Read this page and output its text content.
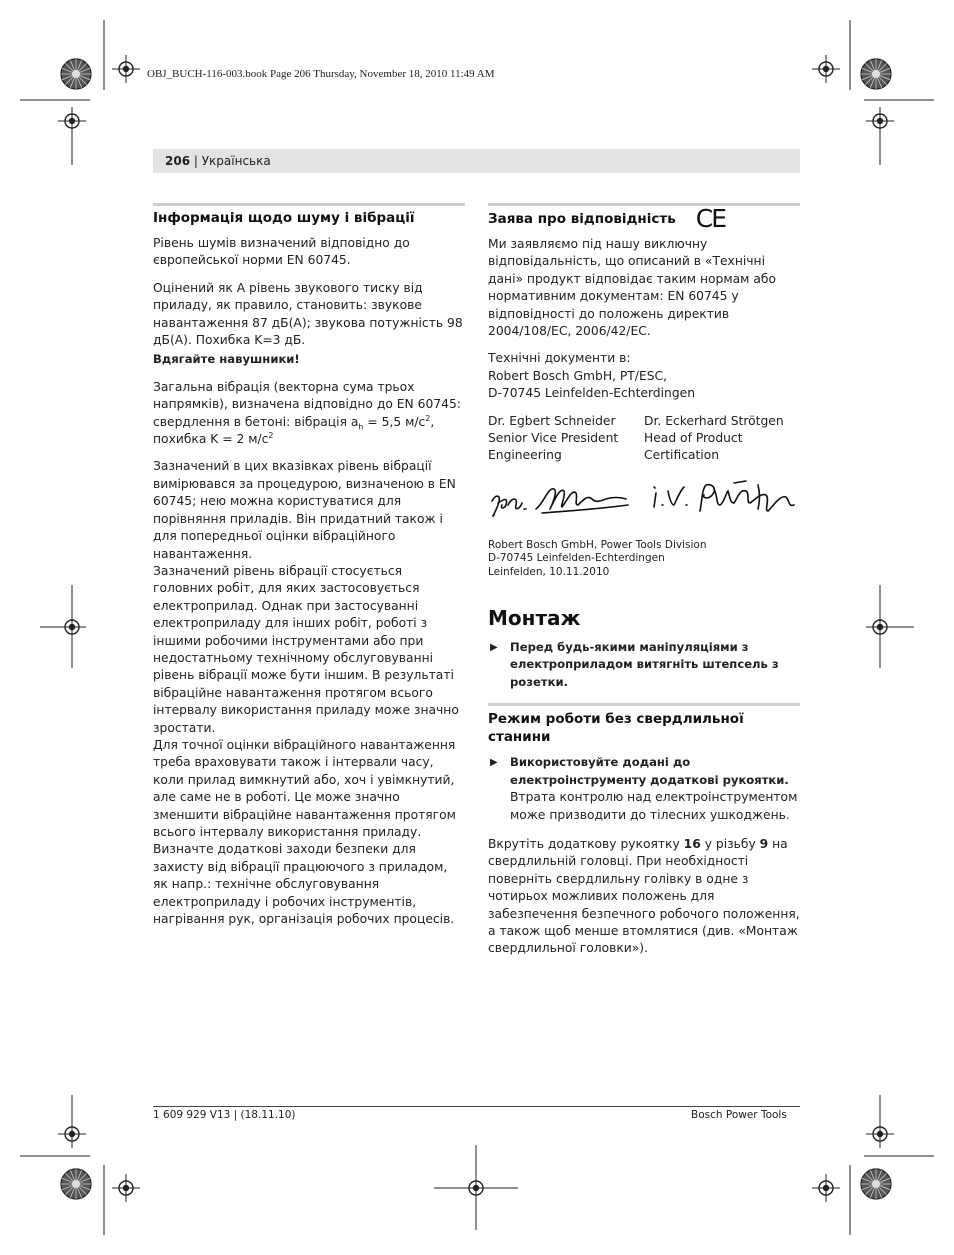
OBJ_BUCH-116-003.book Page 206 Thursday, November 18, 2010 11:49 AM
206 | Українська
Інформація щодо шуму і вібрації

Рівень шумів визначений відповідно до європейської норми EN 60745.

Оцінений як А рівень звукового тиску від приладу, як правило, становить: звукове навантаження 87 дБ(A); звукова потужність 98 дБ(A). Похибка K=3 дБ.

Вдягайте навушники!

Загальна вібрація (векторна сума трьох напрямків), визначена відповідно до EN 60745:
свердлення в бетоні: вібрація $a_h = 5,5$ $м/с^2$,
похибка K = 2 $м/с^2$

Зазначений в цих вказівках рівень вібрації вимірювався за процедурою, визначеною в EN 60745; нею можна користуватися для порівняння приладів. Він придатний також і для попередньої оцінки вібраційного навантаження.

Зазначений рівень вібрації стосується головних робіт, для яких застосовується електроприлад. Однак при застосуванні електроприладу для інших робіт, роботі з іншими робочими інструментами або при недостатньому технічному обслуговуванні рівень вібрації може бути іншим. В результаті вібраційне навантаження протягом всього інтервалу використання приладу може значно зростати.

Для точної оцінки вібраційного навантаження треба враховувати також і інтервали часу, коли прилад вимкнутий або, хоч і увімкнутий, але саме не в роботі. Це може значно зменшити вібраційне навантаження протягом всього інтервалу використання приладу.

Визначте додаткові заходи безпеки для захисту від вібрації працюючого з приладом, як напр.: технічне обслуговування електроприладу і робочих інструментів, нагрівання рук, організація робочих процесів.

Заява про відповідність CE

Ми заявляємо під нашу виключну відповідальність, що описаний в «Технічні дані» продукт відповідає таким нормам або нормативним документам: EN 60745 у відповідності до положень директив 2004/108/EC, 2006/42/EC.

Технічні документи в:
Robert Bosch GmbH, PT/ESC,
D-70745 Leinfelden-Echterdingen

Dr. Egbert Schneider
Senior Vice President
Engineering
Dr. Eckerhard Strötgen
Head of Product
Certification
Robert Bosch GmbH, Power Tools Division
D-70745 Leinfelden-Echterdingen
Leinfelden, 10.11.2010
Монтаж
▶	Перед будь-якими маніпуляціями з електроприладом витягніть штепсель з розетки.
Режим роботи без свердлильної станини
▶	Використовуйте додані до електроінструменту додаткові рукоятки. Втрата контролю над електроінструментом може призводити до тілесних ушкоджень.

Вкрутіть додаткову рукоятку 16 у різьбу 9 на свердлильній головці. При необхідності поверніть свердлильну голівку в одне з чотирьох можливих положень для забезпечення безпечного робочого положення, а також щоб менше втомлятися (див. «Монтаж свердлильної головки»).

1 609 929 V13 | (18.11.10)	Bosch Power Tools
